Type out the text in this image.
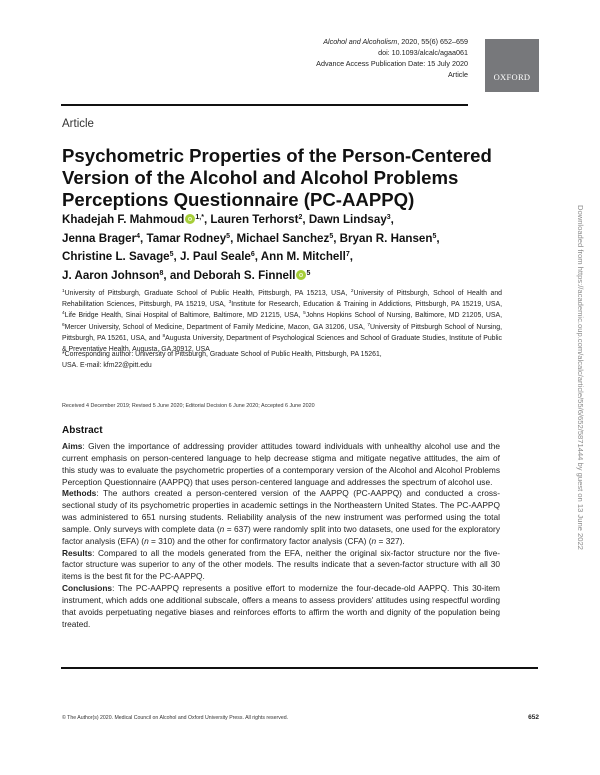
Alcohol and Alcoholism, 2020, 55(6) 652–659
doi: 10.1093/alcalc/agaa061
Advance Access Publication Date: 15 July 2020
Article	OXFORD
Article
Psychometric Properties of the Person-Centered Version of the Alcohol and Alcohol Problems Perceptions Questionnaire (PC-AAPPQ)
Khadejah F. Mahmoud $^{1,*}$, Lauren Terhorst$^2$, Dawn Lindsay$^3$,
Jenna Brager$^4$, Tamar Rodney$^5$, Michael Sanchez$^5$, Bryan R. Hansen$^5$,
Christine L. Savage$^5$, J. Paul Seale$^6$, Ann M. Mitchell$^7$,
J. Aaron Johnson$^8$, and Deborah S. Finnell $^5$
$^1$University of Pittsburgh, Graduate School of Public Health, Pittsburgh, PA 15213, USA, $^2$University of Pittsburgh, School of Health and Rehabilitation Sciences, Pittsburgh, PA 15219, USA, $^3$Institute for Research, Education & Training in Addictions, Pittsburgh, PA 15219, USA, $^4$Life Bridge Health, Sinai Hospital of Baltimore, Baltimore, MD 21215, USA, $^5$Johns Hopkins School of Nursing, Baltimore, MD 21205, USA, $^6$Mercer University, School of Medicine, Department of Family Medicine, Macon, GA 31206, USA, $^7$University of Pittsburgh School of Nursing, Pittsburgh, PA 15261, USA, and $^8$Augusta University, Department of Psychological Sciences and School of Graduate Studies, Institute of Public & Preventative Health, Augusta, GA 30912, USA
*Corresponding author: University of Pittsburgh, Graduate School of Public Health, Pittsburgh, PA 15261,
USA. E-mail: kfm22@pitt.edu
Received 4 December 2019; Revised 5 June 2020; Editorial Decision 6 June 2020; Accepted 6 June 2020
Abstract

Aims: Given the importance of addressing provider attitudes toward individuals with unhealthy alcohol use and the current emphasis on person-centered language to help decrease stigma and mitigate negative attitudes, the aim of this study was to evaluate the psychometric properties of a contemporary version of the Alcohol and Alcohol Problems Perception Questionnaire (AAPPQ) that uses person-centered language and addresses the spectrum of alcohol use.

Methods: The authors created a person-centered version of the AAPPQ (PC-AAPPQ) and conducted a cross-sectional study of its psychometric properties in academic settings in the Northeastern United States. The PC-AAPPQ was administered to 651 nursing students. Reliability analysis of the new instrument was performed using the total sample. Only surveys with complete data (n = 637) were randomly split into two datasets, one used for the exploratory factor analysis (EFA) (n = 310) and the other for confirmatory factor analysis (CFA) (n = 327).

Results: Compared to all the models generated from the EFA, neither the original six-factor structure nor the five-factor structure was superior to any of the other models. The results indicate that a seven-factor structure with all 30 items is the best fit for the PC-AAPPQ.

Conclusions: The PC-AAPPQ represents a positive effort to modernize the four-decade-old AAPPQ. This 30-item instrument, which adds one additional subscale, offers a means to assess providers' attitudes using respectful wording that avoids perpetuating negative biases and reinforces efforts to affirm the worth and dignity of the population being treated.

© The Author(s) 2020. Medical Council on Alcohol and Oxford University Press. All rights reserved.	652
Downloaded from https://academic.oup.com/alcalc/article/55/6/652/5871444 by guest on 13 June 2022
